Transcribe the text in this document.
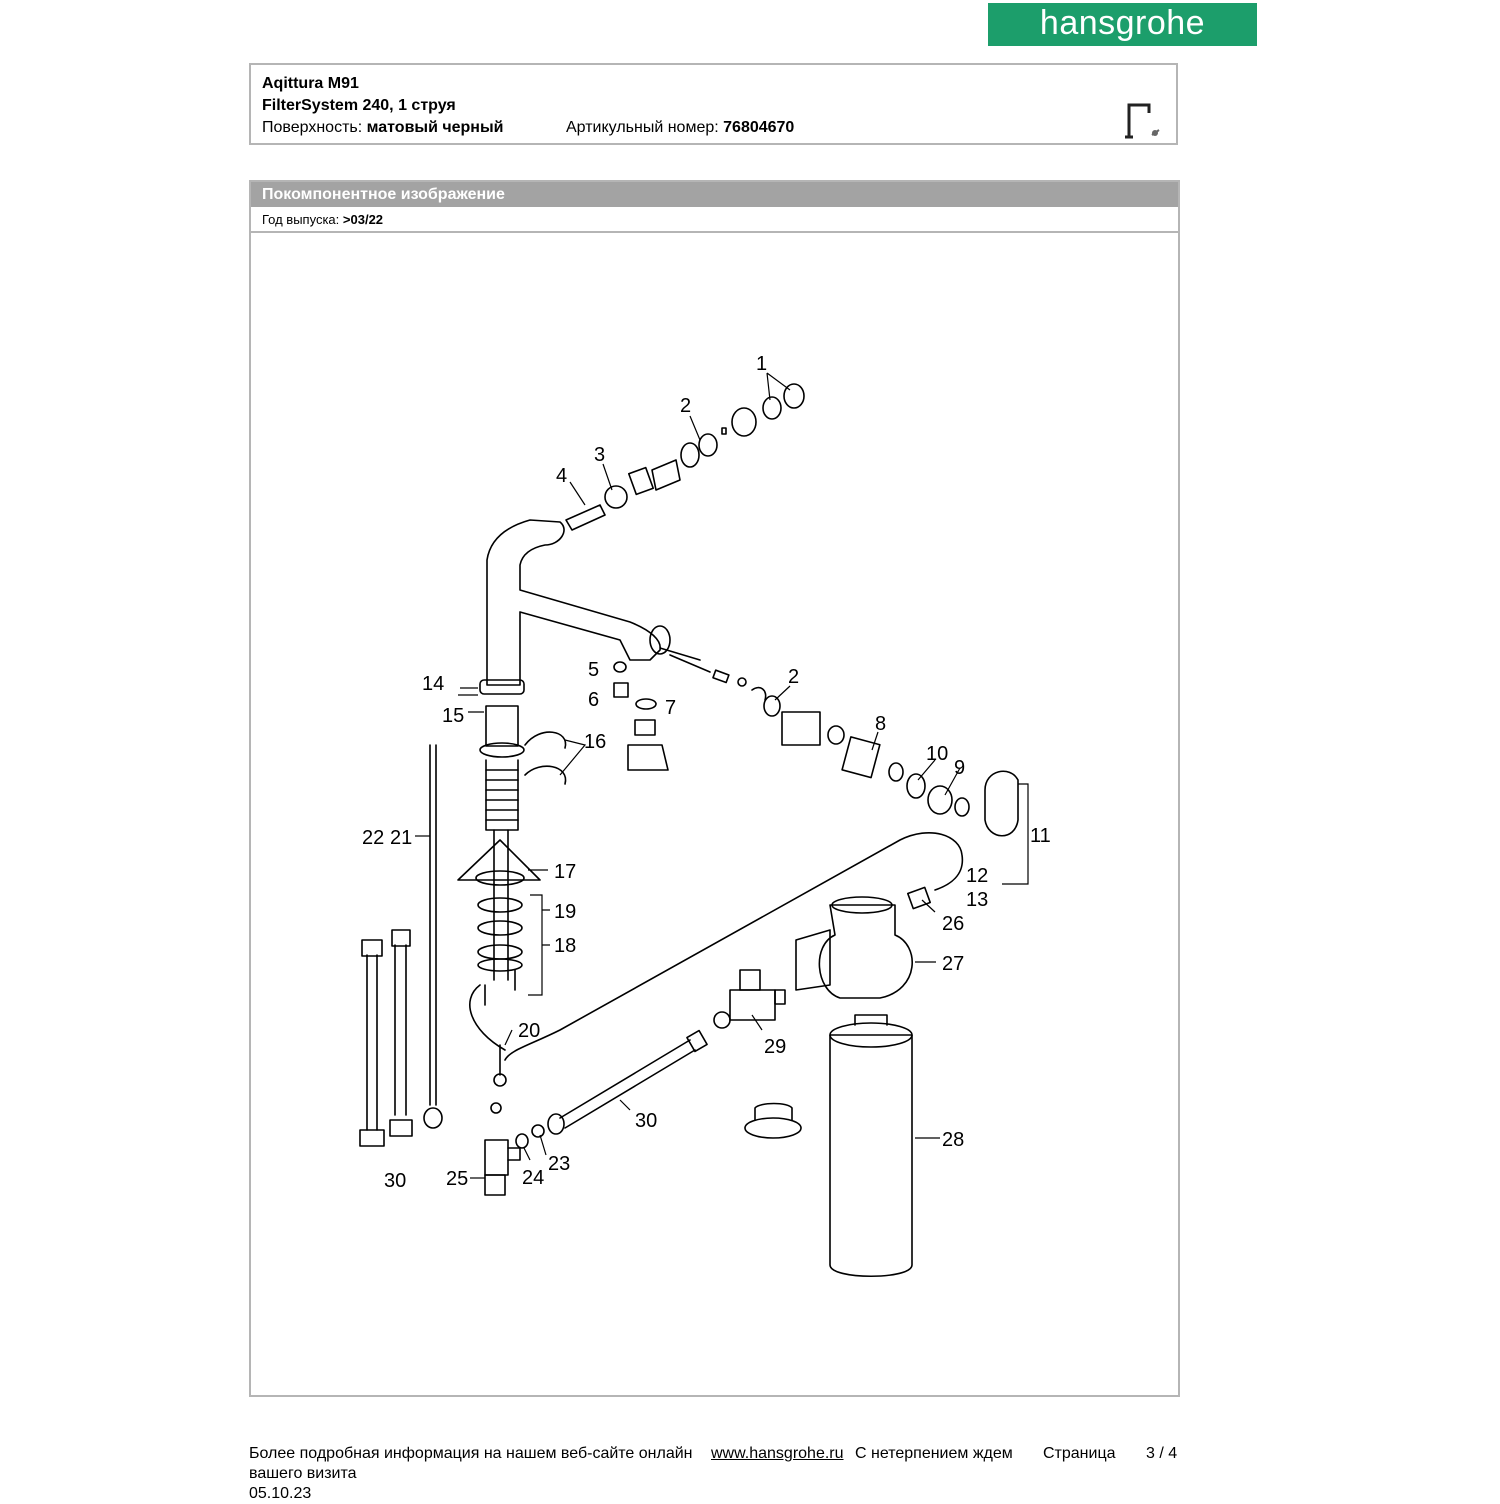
hansgrohe
Aqittura M91
FilterSystem 240, 1 струя
Поверхность: матовый черный	Артикульный номер: 76804670
Покомпонентное изображение
Год выпуска: >03/22
1
2
3
4
5
6	7
2
8
10
9
11
12
13
14
15
16
22 21
17
19
18
26
27
20
29
30
28
30 25	24
23
Более подробная информация на нашем веб-сайте онлайн www.hansgrohe.ru С нетерпением ждем
вашего визита
Страница 3 / 4
05.10.23
